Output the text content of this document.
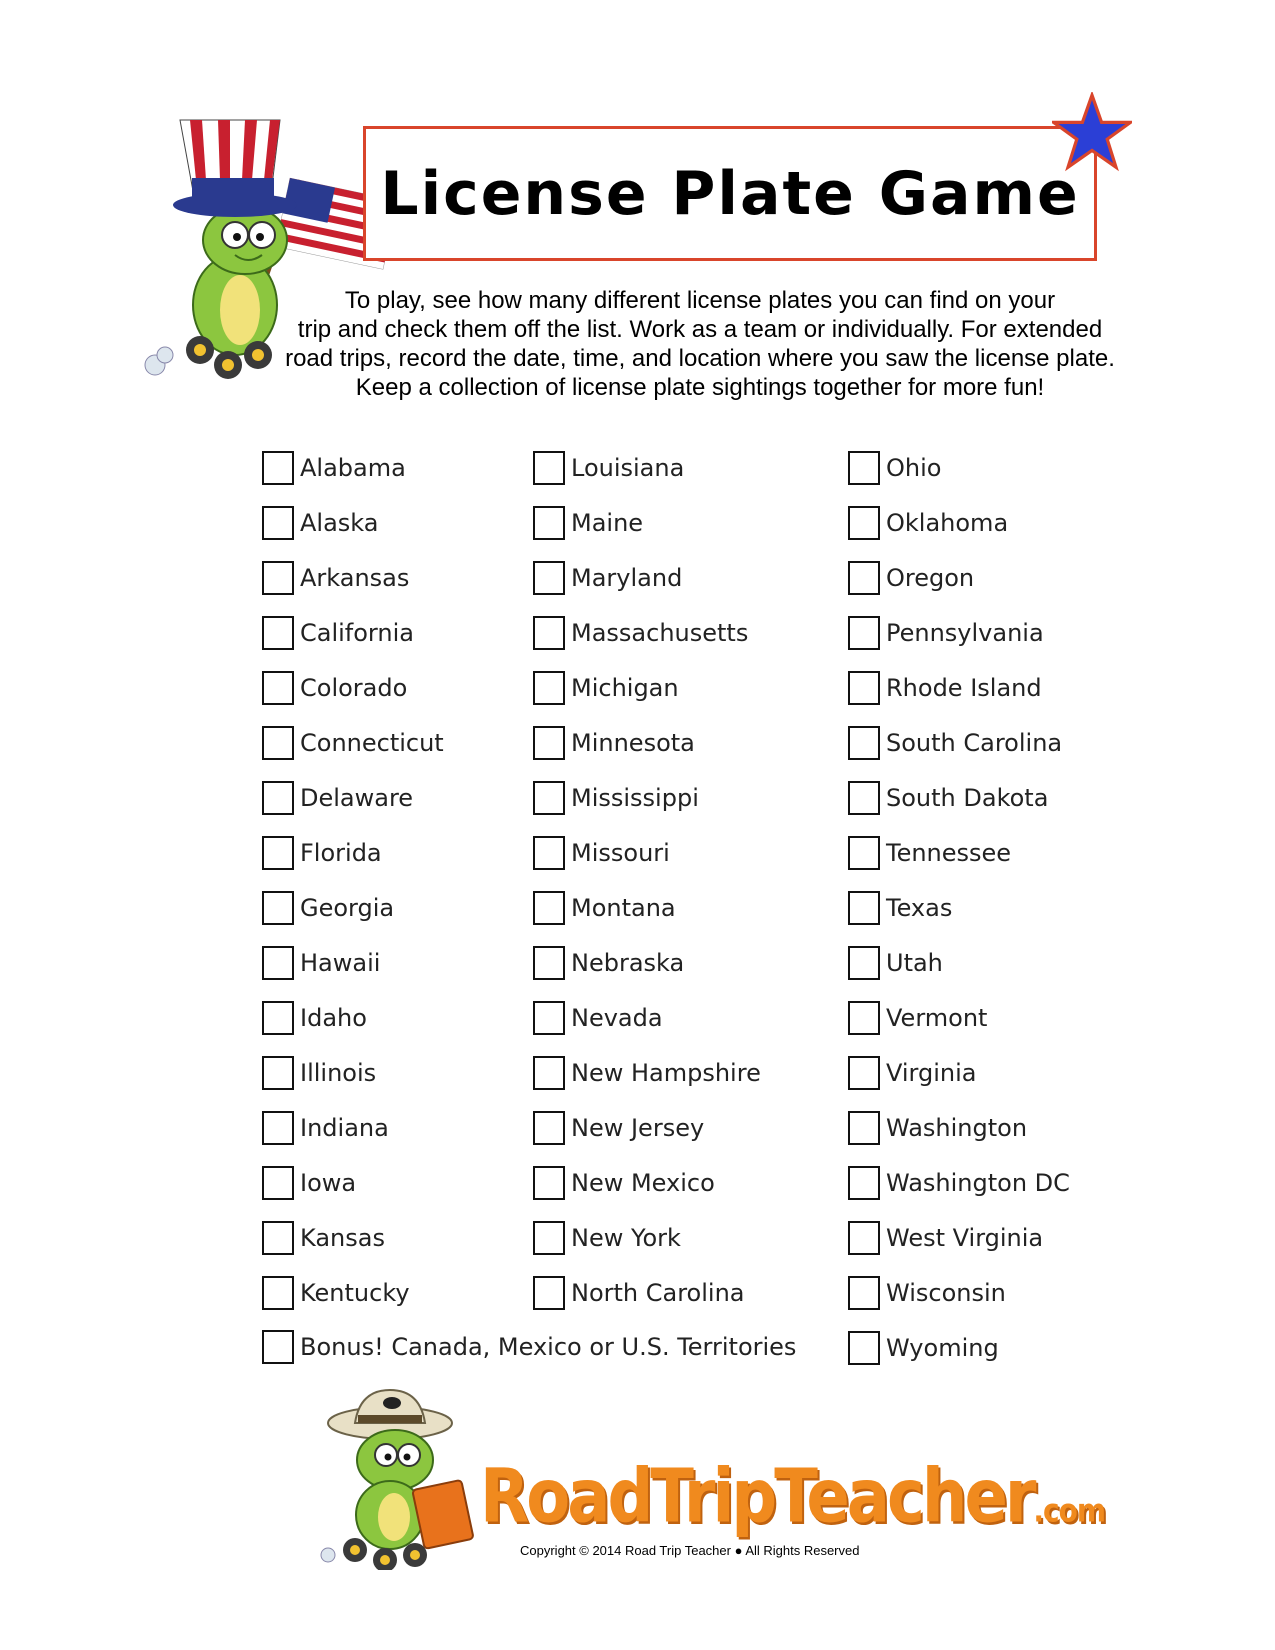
License Plate Game
To play, see how many different license plates you can find on your
trip and check them off the list. Work as a team or individually. For extended
road trips, record the date, time, and location where you saw the license plate.
Keep a collection of license plate sightings together for more fun!
Alabama
Alaska
Arkansas
California
Colorado
Connecticut
Delaware
Florida
Georgia
Hawaii
Idaho
Illinois
Indiana
Iowa
Kansas
Kentucky
Louisiana
Maine
Maryland
Massachusetts
Michigan
Minnesota
Mississippi
Missouri
Montana
Nebraska
Nevada
New Hampshire
New Jersey
New Mexico
New York
North Carolina
Ohio
Oklahoma
Oregon
Pennsylvania
Rhode Island
South Carolina
South Dakota
Tennessee
Texas
Utah
Vermont
Virginia
Washington
Washington DC
West Virginia
Wisconsin
Wyoming
Bonus! Canada, Mexico or U.S. Territories
RoadTripTeacher.com
Copyright © 2014 Road Trip Teacher ● All Rights Reserved
